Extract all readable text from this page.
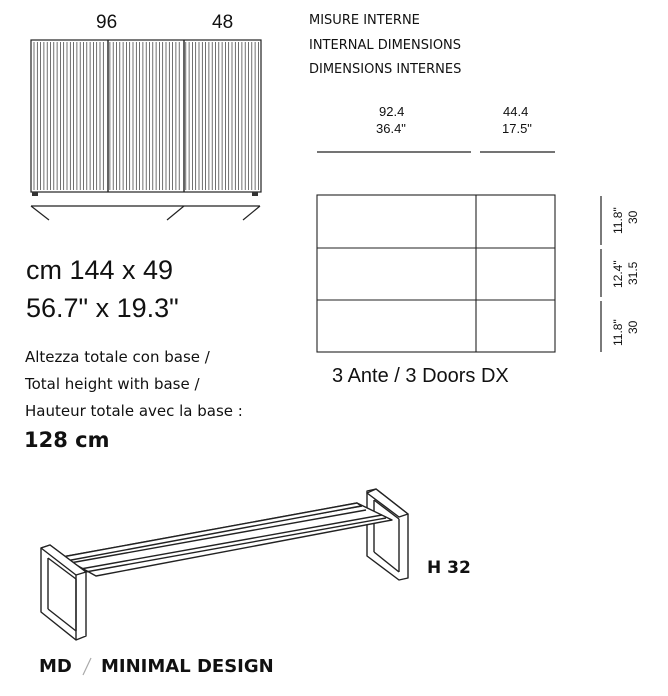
96	48
cm 144 x 49
56.7" x 19.3"
Altezza totale con base /
Total height with base /
Hauteur totale avec la base :
128 cm
MISURE INTERNE
INTERNAL DIMENSIONS
DIMENSIONS INTERNES
92.4
36.4"
44.4
17.5"
30
11.8"
31.5
12.4"
30
11.8"
3 Ante / 3 Doors DX
H 32
MD MINIMAL DESIGN
